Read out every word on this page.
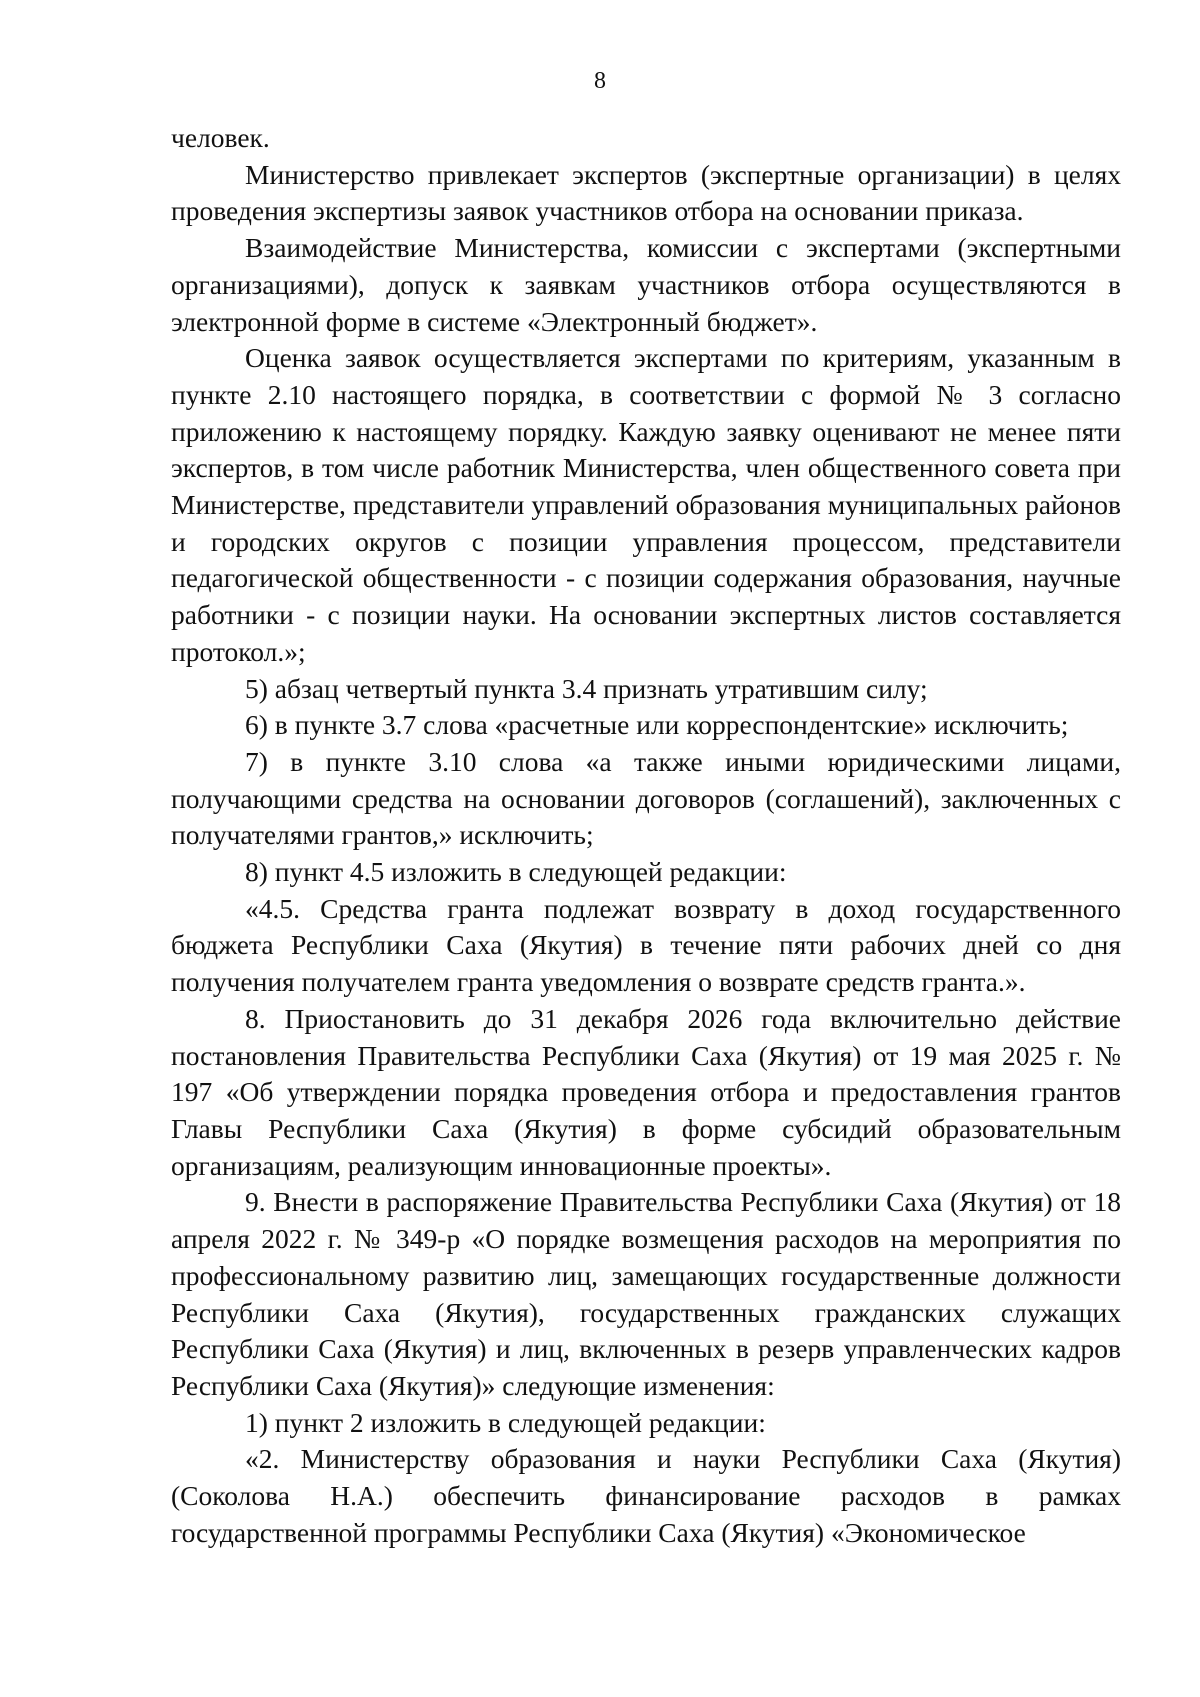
8

человек.

Министерство привлекает экспертов (экспертные организации) в целях проведения экспертизы заявок участников отбора на основании приказа.

Взаимодействие Министерства, комиссии с экспертами (экспертными организациями), допуск к заявкам участников отбора осуществляются в электронной форме в системе «Электронный бюджет».

Оценка заявок осуществляется экспертами по критериям, указанным в пункте 2.10 настоящего порядка, в соответствии с формой № 3 согласно приложению к настоящему порядку. Каждую заявку оценивают не менее пяти экспертов, в том числе работник Министерства, член общественного совета при Министерстве, представители управлений образования муниципальных районов и городских округов с позиции управления процессом, представители педагогической общественности - с позиции содержания образования, научные работники - с позиции науки. На основании экспертных листов составляется протокол.»;

5) абзац четвертый пункта 3.4 признать утратившим силу;

6) в пункте 3.7 слова «расчетные или корреспондентские» исключить;

7) в пункте 3.10 слова «а также иными юридическими лицами, получающими средства на основании договоров (соглашений), заключенных с получателями грантов,» исключить;

8) пункт 4.5 изложить в следующей редакции:

«4.5. Средства гранта подлежат возврату в доход государственного бюджета Республики Саха (Якутия) в течение пяти рабочих дней со дня получения получателем гранта уведомления о возврате средств гранта.».

8. Приостановить до 31 декабря 2026 года включительно действие постановления Правительства Республики Саха (Якутия) от 19 мая 2025 г. № 197 «Об утверждении порядка проведения отбора и предоставления грантов Главы Республики Саха (Якутия) в форме субсидий образовательным организациям, реализующим инновационные проекты».

9. Внести в распоряжение Правительства Республики Саха (Якутия) от 18 апреля 2022 г. № 349-р «О порядке возмещения расходов на мероприятия по профессиональному развитию лиц, замещающих государственные должности Республики Саха (Якутия), государственных гражданских служащих Республики Саха (Якутия) и лиц, включенных в резерв управленческих кадров Республики Саха (Якутия)» следующие изменения:

1) пункт 2 изложить в следующей редакции:

«2. Министерству образования и науки Республики Саха (Якутия) (Соколова Н.А.) обеспечить финансирование расходов в рамках государственной программы Республики Саха (Якутия) «Экономическое
